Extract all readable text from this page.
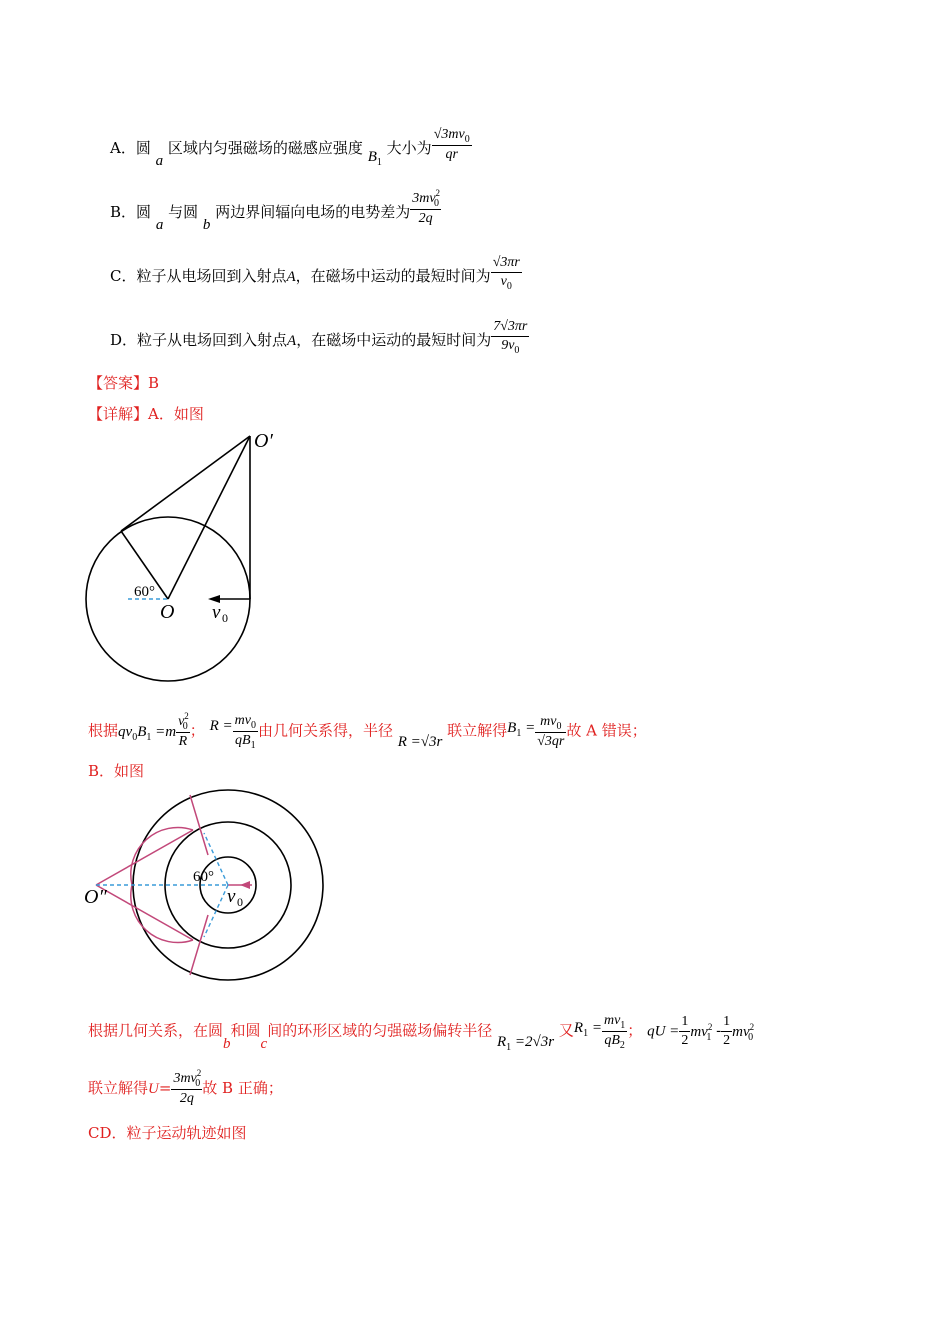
A．圆 a 区域内匀强磁场的磁感应强度 $B_1$ 大小为 $\frac{√3mv_0}{qr}$
B．圆 a 与圆 b 两边界间辐向电场的电势差为 $\frac{3mv^2_0}{2q}$
C．粒子从电场回到入射点A，在磁场中运动的最短时间为 $\frac{√3\pi r}{v_0}$
D．粒子从电场回到入射点A，在磁场中运动的最短时间为 $\frac{7√3\pi r}{9v_0}$
【答案】B
【详解】A．如图
O′
O
60°
v 0
根据$qv_0B_1 =m \frac{v^2_0}{R}$ ； $R = \frac{mv_0}{qB_1}$ 由几何关系得，半径 R =√3r 联立解得$B_1 = \frac{mv_0}{√3qr}$ 故 A 错误；
B．如图
O″
60°
v 0
根据几何关系，在圆b和圆c间的环形区域的匀强磁场偏转半径 $R_1 =2√3r$ 又$R_1 = \frac{mv_1}{qB_2}$ ； qU = $\frac{1}{2} mv^2_1 - \frac{1}{2} mv^2_0$
联立解得$U= \frac{3mv^2_0}{2q}$ 故 B 正确；
CD．粒子运动轨迹如图
